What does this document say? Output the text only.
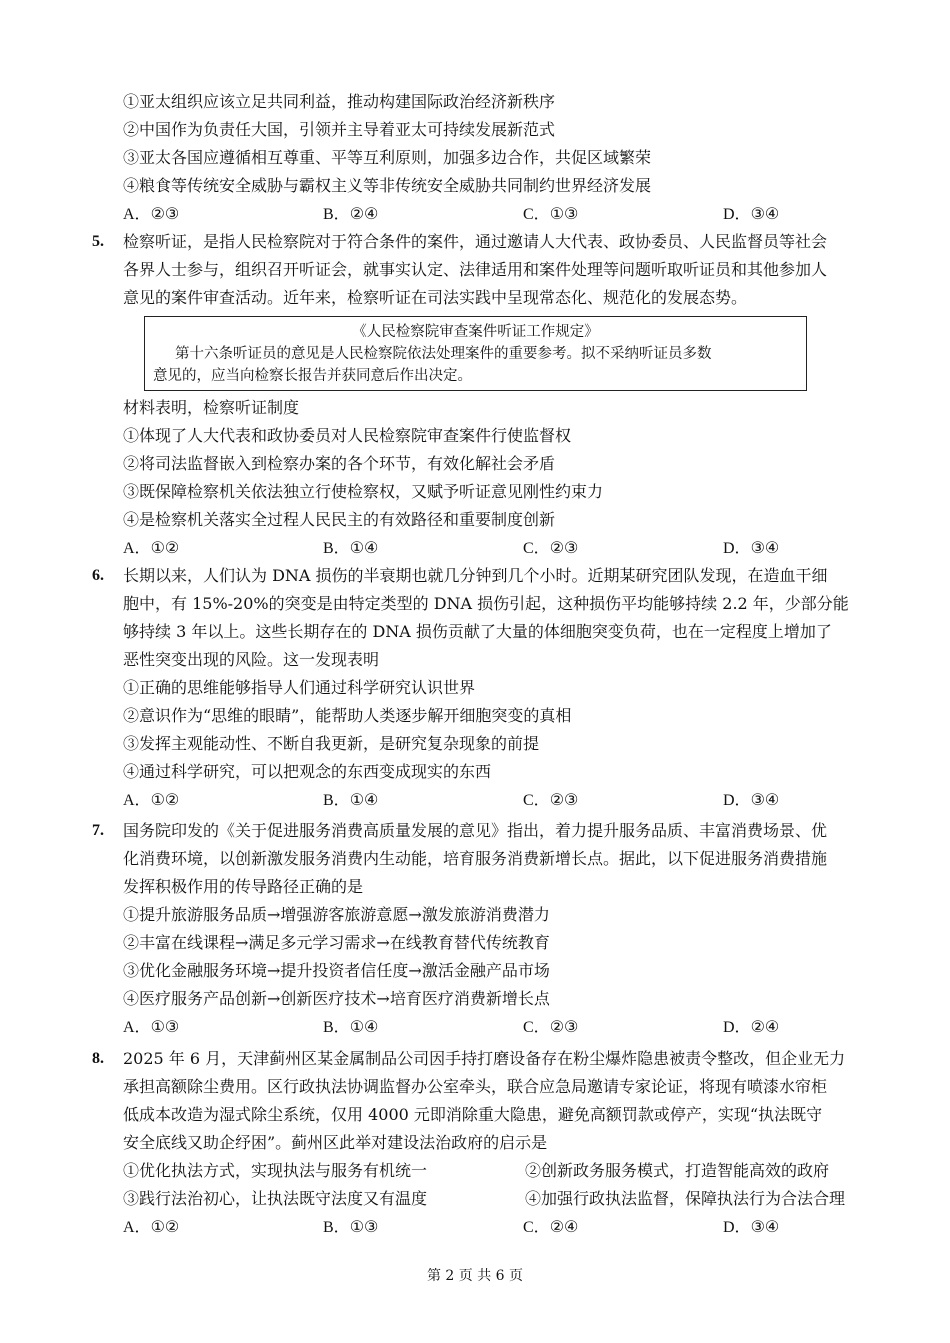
①亚太组织应该立足共同利益，推动构建国际政治经济新秩序
②中国作为负责任大国，引领并主导着亚太可持续发展新范式
③亚太各国应遵循相互尊重、平等互利原则，加强多边合作，共促区域繁荣
④粮食等传统安全威胁与霸权主义等非传统安全威胁共同制约世界经济发展
A．②③	B．②④	C．①③	D．③④
5. 检察听证，是指人民检察院对于符合条件的案件，通过邀请人大代表、政协委员、人民监督员等社会
各界人士参与，组织召开听证会，就事实认定、法律适用和案件处理等问题听取听证员和其他参加人
意见的案件审查活动。近年来，检察听证在司法实践中呈现常态化、规范化的发展态势。
《人民检察院审查案件听证工作规定》
第十六条听证员的意见是人民检察院依法处理案件的重要参考。拟不采纳听证员多数
意见的，应当向检察长报告并获同意后作出决定。
材料表明，检察听证制度
①体现了人大代表和政协委员对人民检察院审查案件行使监督权
②将司法监督嵌入到检察办案的各个环节，有效化解社会矛盾
③既保障检察机关依法独立行使检察权，又赋予听证意见刚性约束力
④是检察机关落实全过程人民民主的有效路径和重要制度创新
A．①②	B．①④	C．②③	D．③④
6. 长期以来，人们认为 DNA 损伤的半衰期也就几分钟到几个小时。近期某研究团队发现，在造血干细
胞中，有 15%-20%的突变是由特定类型的 DNA 损伤引起，这种损伤平均能够持续 2.2 年，少部分能
够持续 3 年以上。这些长期存在的 DNA 损伤贡献了大量的体细胞突变负荷，也在一定程度上增加了
恶性突变出现的风险。这一发现表明
①正确的思维能够指导人们通过科学研究认识世界
②意识作为“思维的眼睛”，能帮助人类逐步解开细胞突变的真相
③发挥主观能动性、不断自我更新，是研究复杂现象的前提
④通过科学研究，可以把观念的东西变成现实的东西
A．①②	B．①④	C．②③	D．③④
7. 国务院印发的《关于促进服务消费高质量发展的意见》指出，着力提升服务品质、丰富消费场景、优
化消费环境，以创新激发服务消费内生动能，培育服务消费新增长点。据此，以下促进服务消费措施
发挥积极作用的传导路径正确的是
①提升旅游服务品质→增强游客旅游意愿→激发旅游消费潜力
②丰富在线课程→满足多元学习需求→在线教育替代传统教育
③优化金融服务环境→提升投资者信任度→激活金融产品市场
④医疗服务产品创新→创新医疗技术→培育医疗消费新增长点
A．①③	B．①④	C．②③	D．②④
8. 2025 年 6 月，天津蓟州区某金属制品公司因手持打磨设备存在粉尘爆炸隐患被责令整改，但企业无力
承担高额除尘费用。区行政执法协调监督办公室牵头，联合应急局邀请专家论证，将现有喷漆水帘柜
低成本改造为湿式除尘系统，仅用 4000 元即消除重大隐患，避免高额罚款或停产，实现“执法既守
安全底线又助企纾困”。蓟州区此举对建设法治政府的启示是
①优化执法方式，实现执法与服务有机统一	②创新政务服务模式，打造智能高效的政府
③践行法治初心，让执法既守法度又有温度	④加强行政执法监督，保障执法行为合法合理
A．①②	B．①③	C．②④	D．③④
第 2 页 共 6 页
